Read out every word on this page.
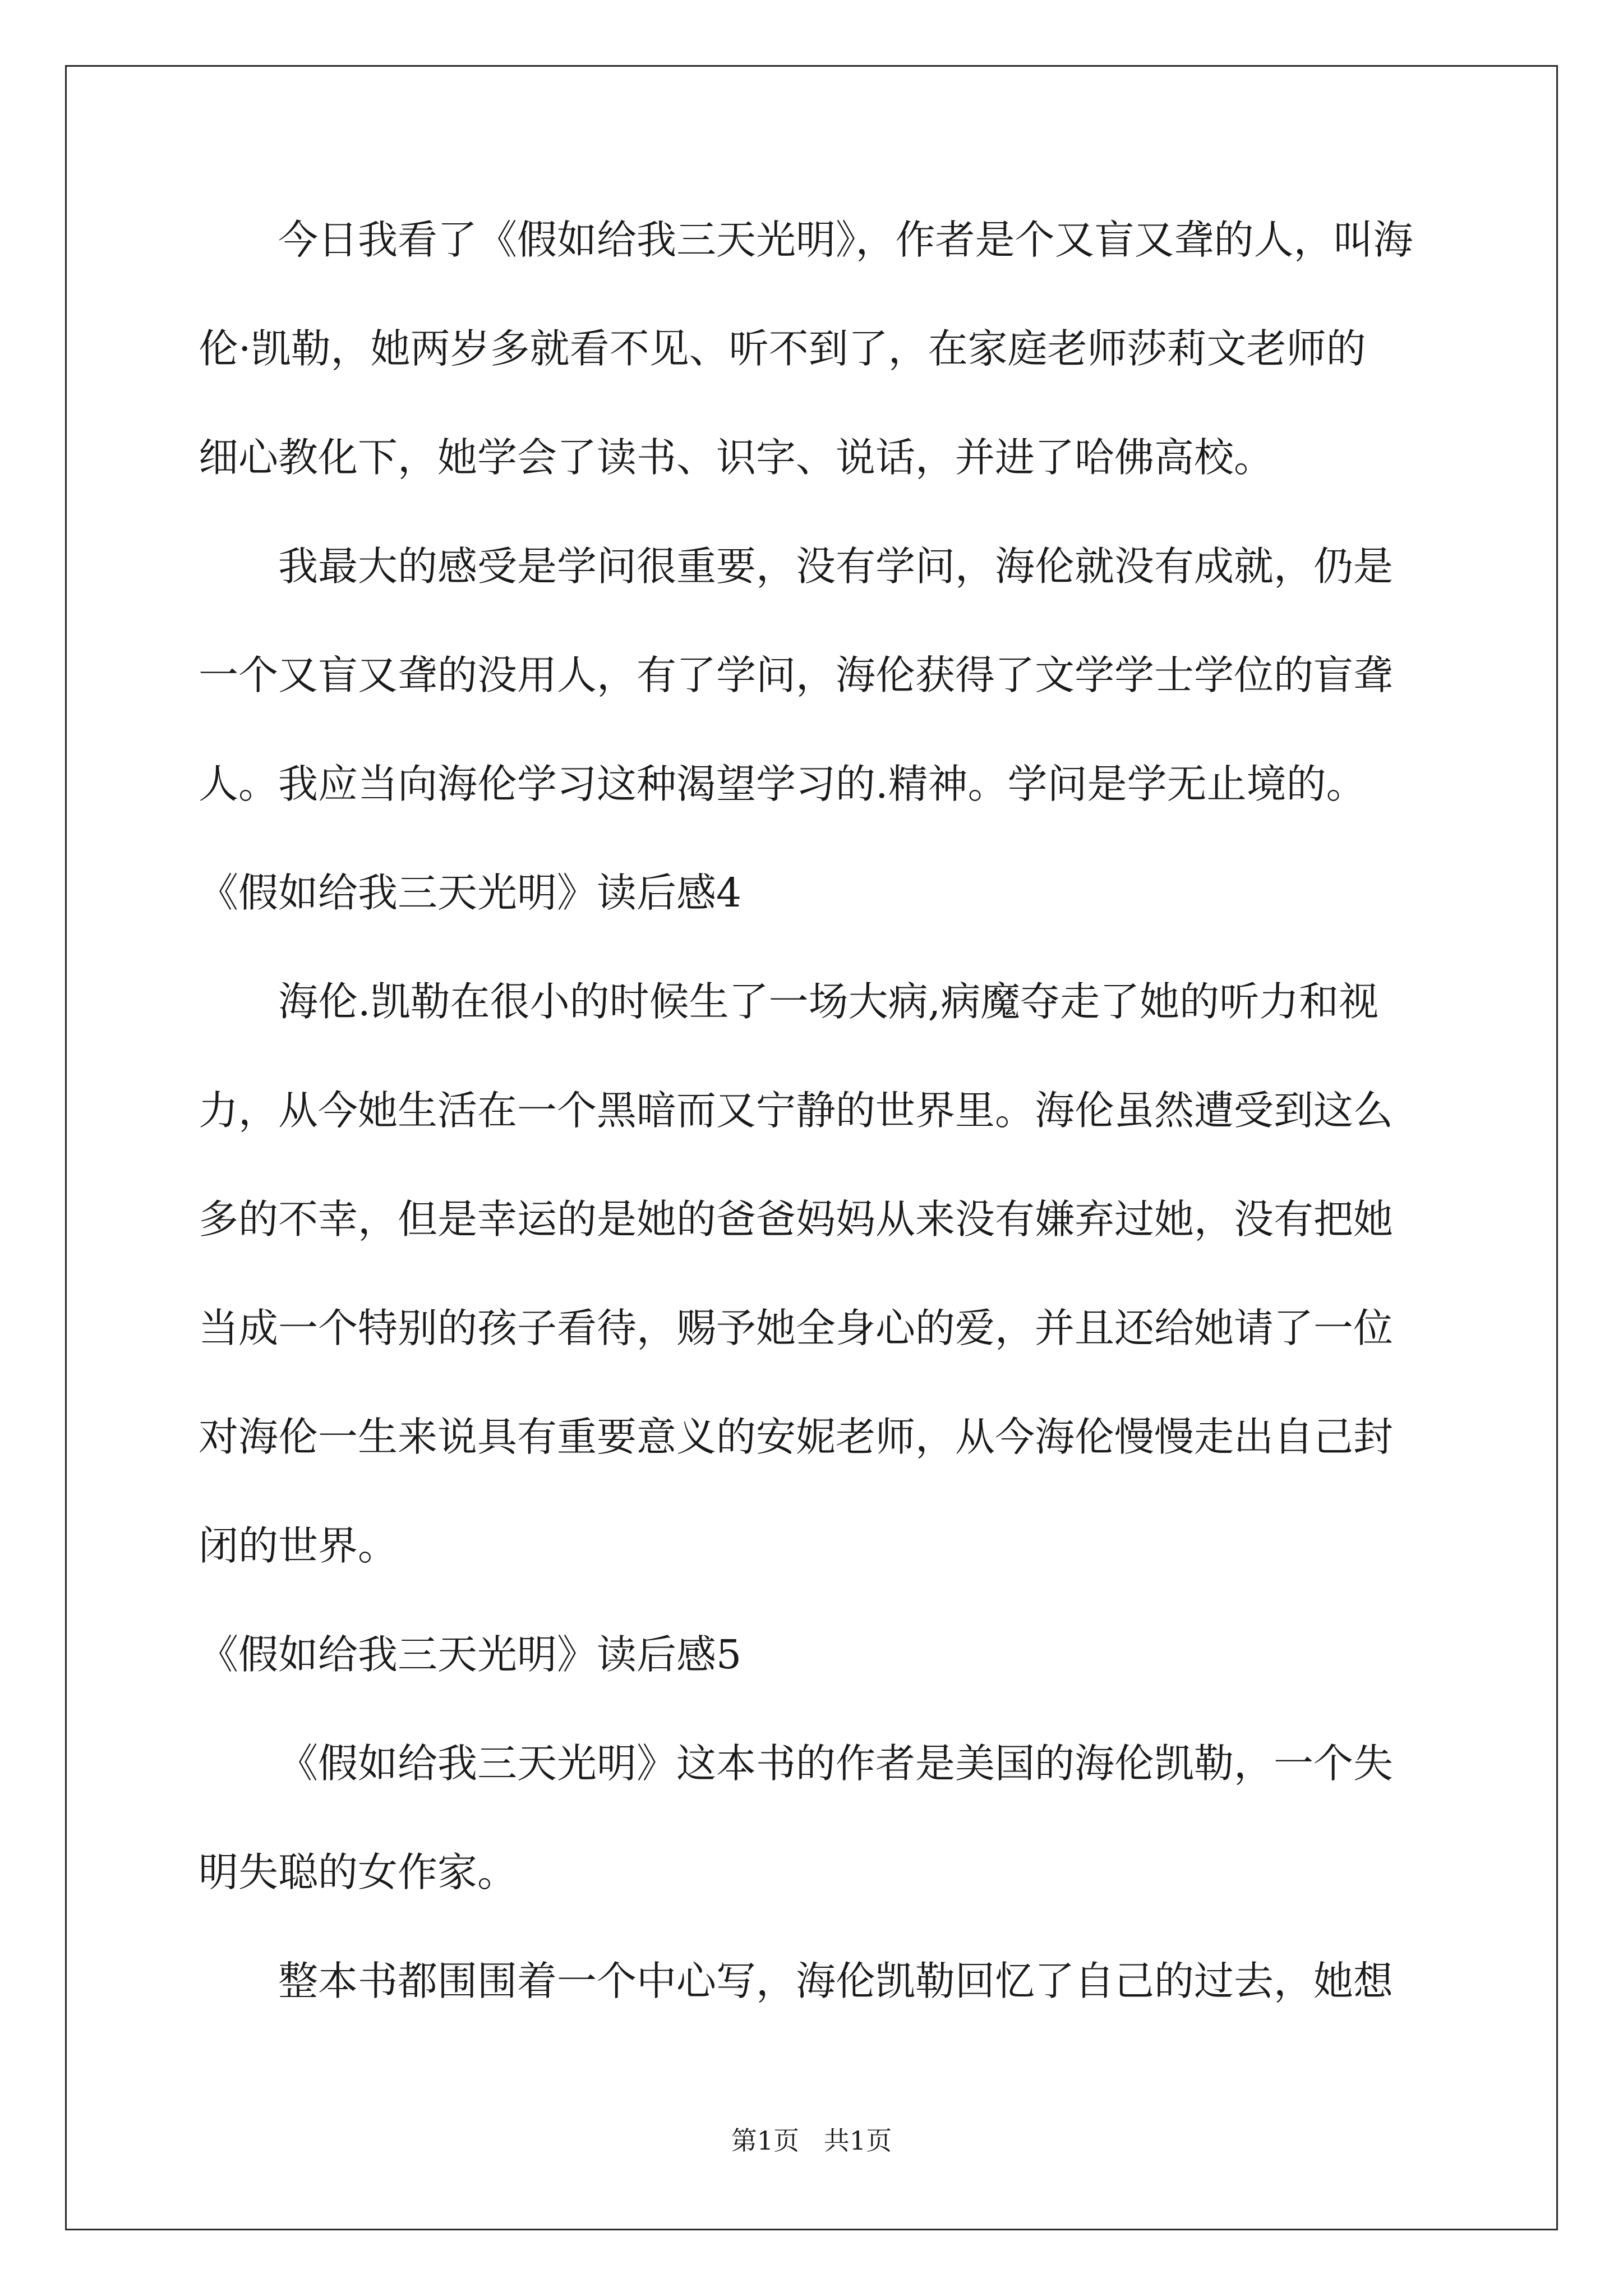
今日我看了《假如给我三天光明》，作者是个又盲又聋的人，叫海
伦·凯勒，她两岁多就看不见、听不到了，在家庭老师莎莉文老师的
细心教化下，她学会了读书、识字、说话，并进了哈佛高校。
我最大的感受是学问很重要，没有学问，海伦就没有成就，仍是
一个又盲又聋的没用人，有了学问，海伦获得了文学学士学位的盲聋
人。我应当向海伦学习这种渴望学习的.精神。学问是学无止境的。
《假如给我三天光明》读后感4
海伦.凯勒在很小的时候生了一场大病,病魔夺走了她的听力和视
力，从今她生活在一个黑暗而又宁静的世界里。海伦虽然遭受到这么
多的不幸，但是幸运的是她的爸爸妈妈从来没有嫌弃过她，没有把她
当成一个特别的孩子看待，赐予她全身心的爱，并且还给她请了一位
对海伦一生来说具有重要意义的安妮老师，从今海伦慢慢走出自己封
闭的世界。
《假如给我三天光明》读后感5
《假如给我三天光明》这本书的作者是美国的海伦凯勒，一个失
明失聪的女作家。
整本书都围围着一个中心写，海伦凯勒回忆了自己的过去，她想
第1页   共1页
